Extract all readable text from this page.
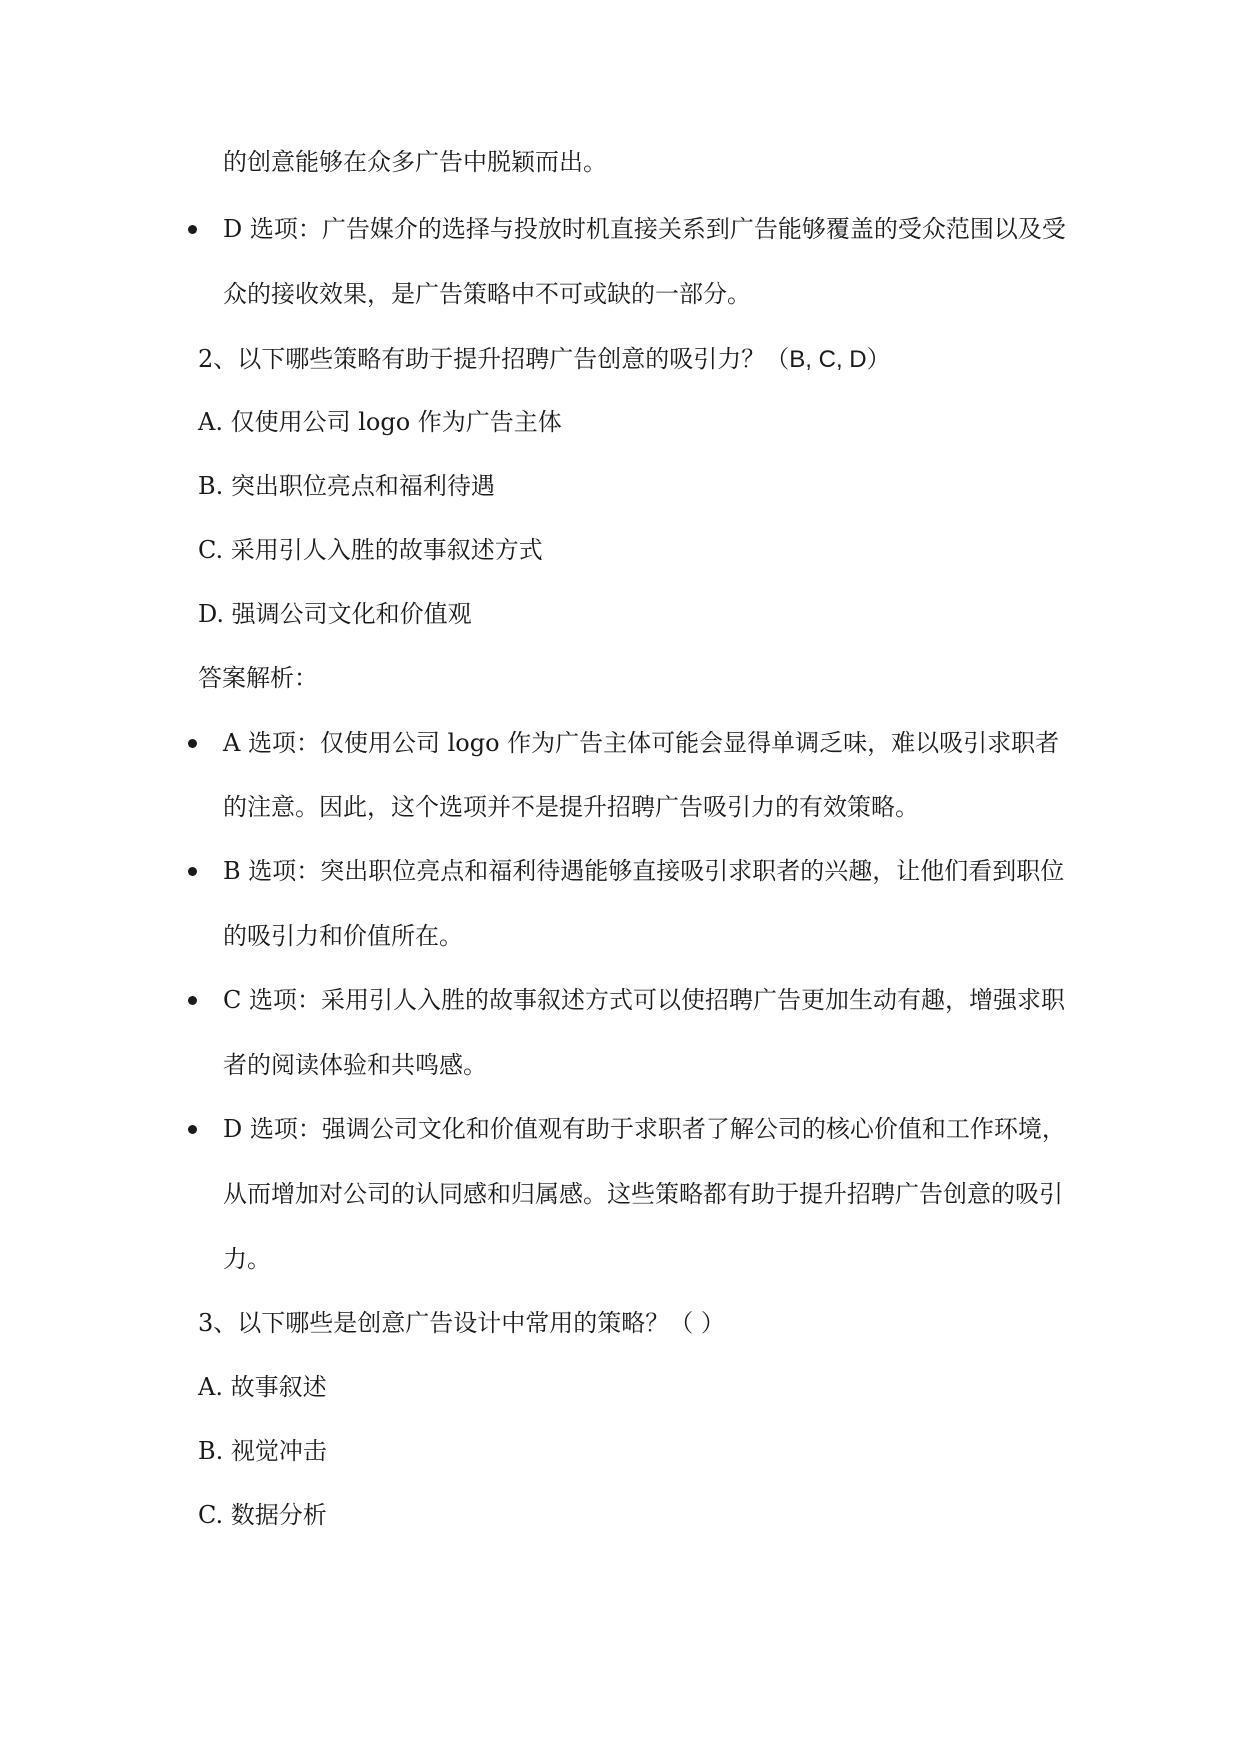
的创意能够在众多广告中脱颖而出。
D 选项：广告媒介的选择与投放时机直接关系到广告能够覆盖的受众范围以及受
众的接收效果，是广告策略中不可或缺的一部分。
2、以下哪些策略有助于提升招聘广告创意的吸引力？（B, C, D）
A. 仅使用公司 logo 作为广告主体
B. 突出职位亮点和福利待遇
C. 采用引人入胜的故事叙述方式
D. 强调公司文化和价值观
答案解析：
A 选项：仅使用公司 logo 作为广告主体可能会显得单调乏味，难以吸引求职者
的注意。因此，这个选项并不是提升招聘广告吸引力的有效策略。
B 选项：突出职位亮点和福利待遇能够直接吸引求职者的兴趣，让他们看到职位
的吸引力和价值所在。
C 选项：采用引人入胜的故事叙述方式可以使招聘广告更加生动有趣，增强求职
者的阅读体验和共鸣感。
D 选项：强调公司文化和价值观有助于求职者了解公司的核心价值和工作环境，
从而增加对公司的认同感和归属感。这些策略都有助于提升招聘广告创意的吸引
力。
3、以下哪些是创意广告设计中常用的策略？（ ）
A. 故事叙述
B. 视觉冲击
C. 数据分析
